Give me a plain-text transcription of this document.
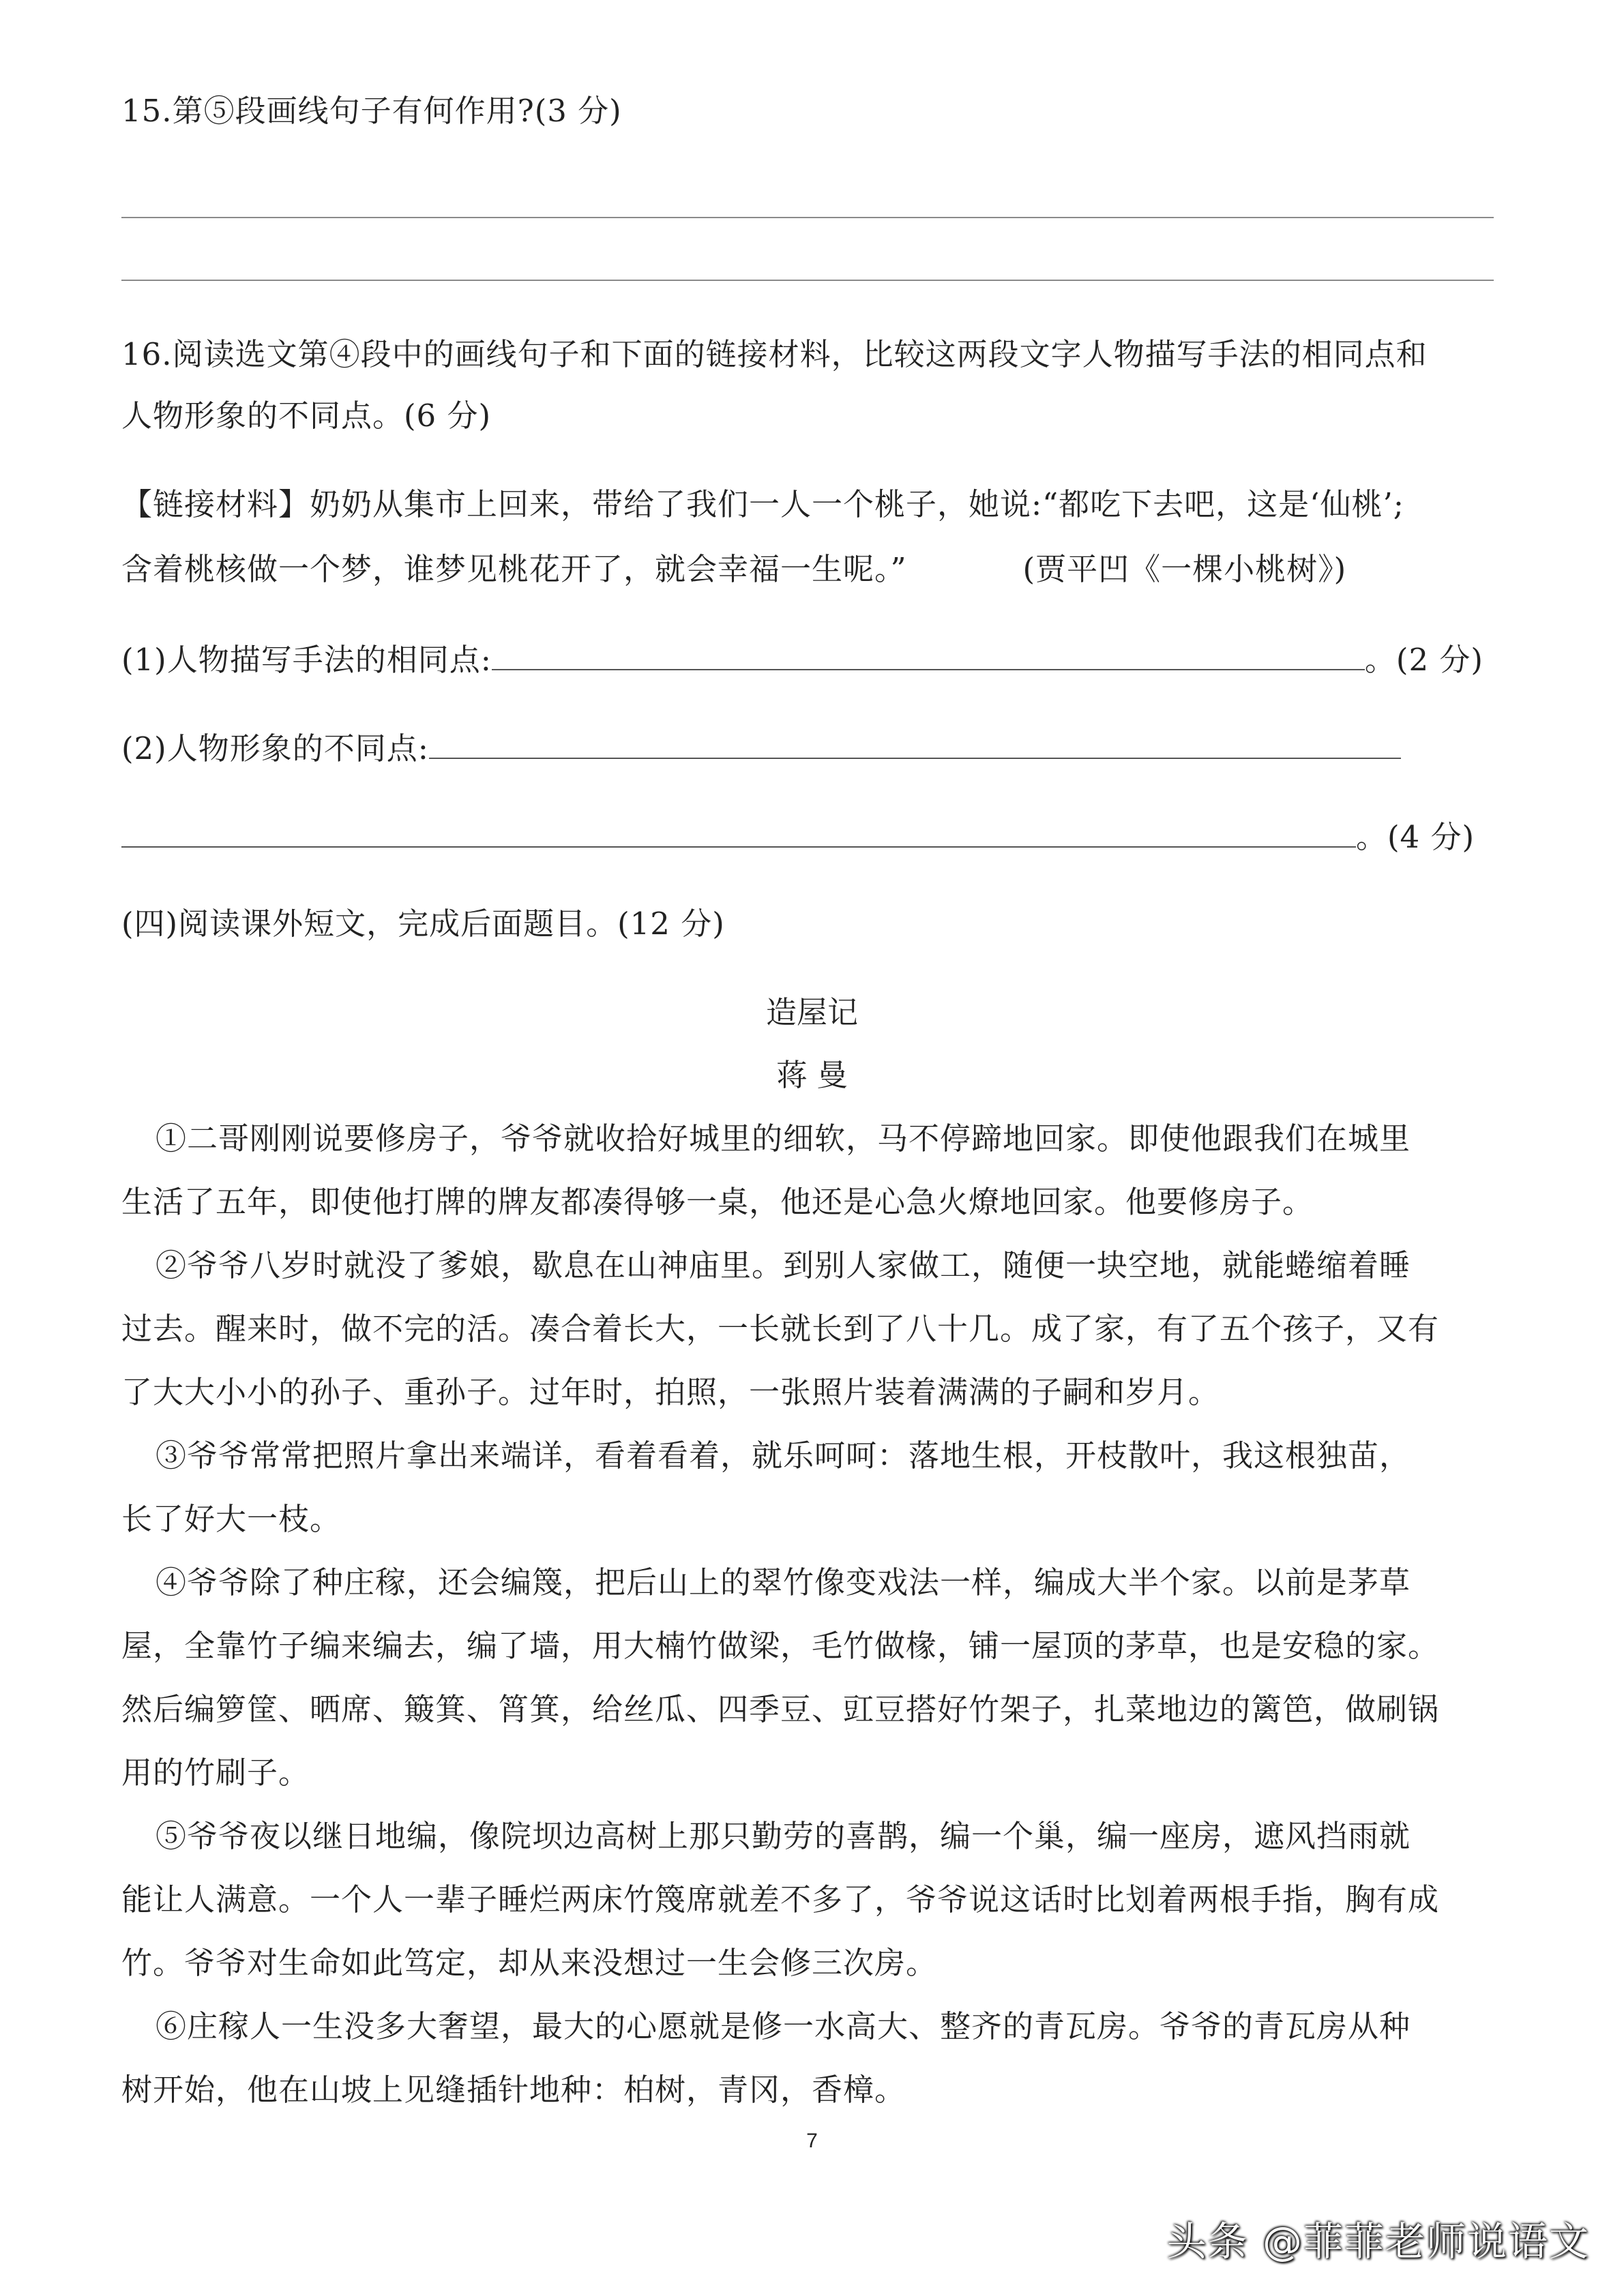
15.第⑤段画线句子有何作用?(3 分)
16.阅读选文第④段中的画线句子和下面的链接材料，比较这两段文字人物描写手法的相同点和
人物形象的不同点。(6 分)
【链接材料】奶奶从集市上回来，带给了我们一人一个桃子，她说:“都吃下去吧，这是‘仙桃’;
含着桃核做一个梦，谁梦见桃花开了，就会幸福一生呢。”	(贾平凹《一棵小桃树》)
(1)人物描写手法的相同点:	。(2 分)
(2)人物形象的不同点:
。(4 分)
(四)阅读课外短文，完成后面题目。(12 分)
造屋记
蒋 曼
①二哥刚刚说要修房子，爷爷就收拾好城里的细软，马不停蹄地回家。即使他跟我们在城里
生活了五年，即使他打牌的牌友都凑得够一桌，他还是心急火燎地回家。他要修房子。
②爷爷八岁时就没了爹娘，歇息在山神庙里。到别人家做工，随便一块空地，就能蜷缩着睡
过去。醒来时，做不完的活。凑合着长大，一长就长到了八十几。成了家，有了五个孩子，又有
了大大小小的孙子、重孙子。过年时，拍照，一张照片装着满满的子嗣和岁月。
③爷爷常常把照片拿出来端详，看着看着，就乐呵呵：落地生根，开枝散叶，我这根独苗，
长了好大一枝。
④爷爷除了种庄稼，还会编篾，把后山上的翠竹像变戏法一样，编成大半个家。以前是茅草
屋，全靠竹子编来编去，编了墙，用大楠竹做梁，毛竹做椽，铺一屋顶的茅草，也是安稳的家。
然后编箩筐、晒席、簸箕、筲箕，给丝瓜、四季豆、豇豆搭好竹架子，扎菜地边的篱笆，做刷锅
用的竹刷子。
⑤爷爷夜以继日地编，像院坝边高树上那只勤劳的喜鹊，编一个巢，编一座房，遮风挡雨就
能让人满意。一个人一辈子睡烂两床竹篾席就差不多了，爷爷说这话时比划着两根手指，胸有成
竹。爷爷对生命如此笃定，却从来没想过一生会修三次房。
⑥庄稼人一生没多大奢望，最大的心愿就是修一水高大、整齐的青瓦房。爷爷的青瓦房从种
树开始，他在山坡上见缝插针地种：柏树，青冈，香樟。
7
头条 @菲菲老师说语文
